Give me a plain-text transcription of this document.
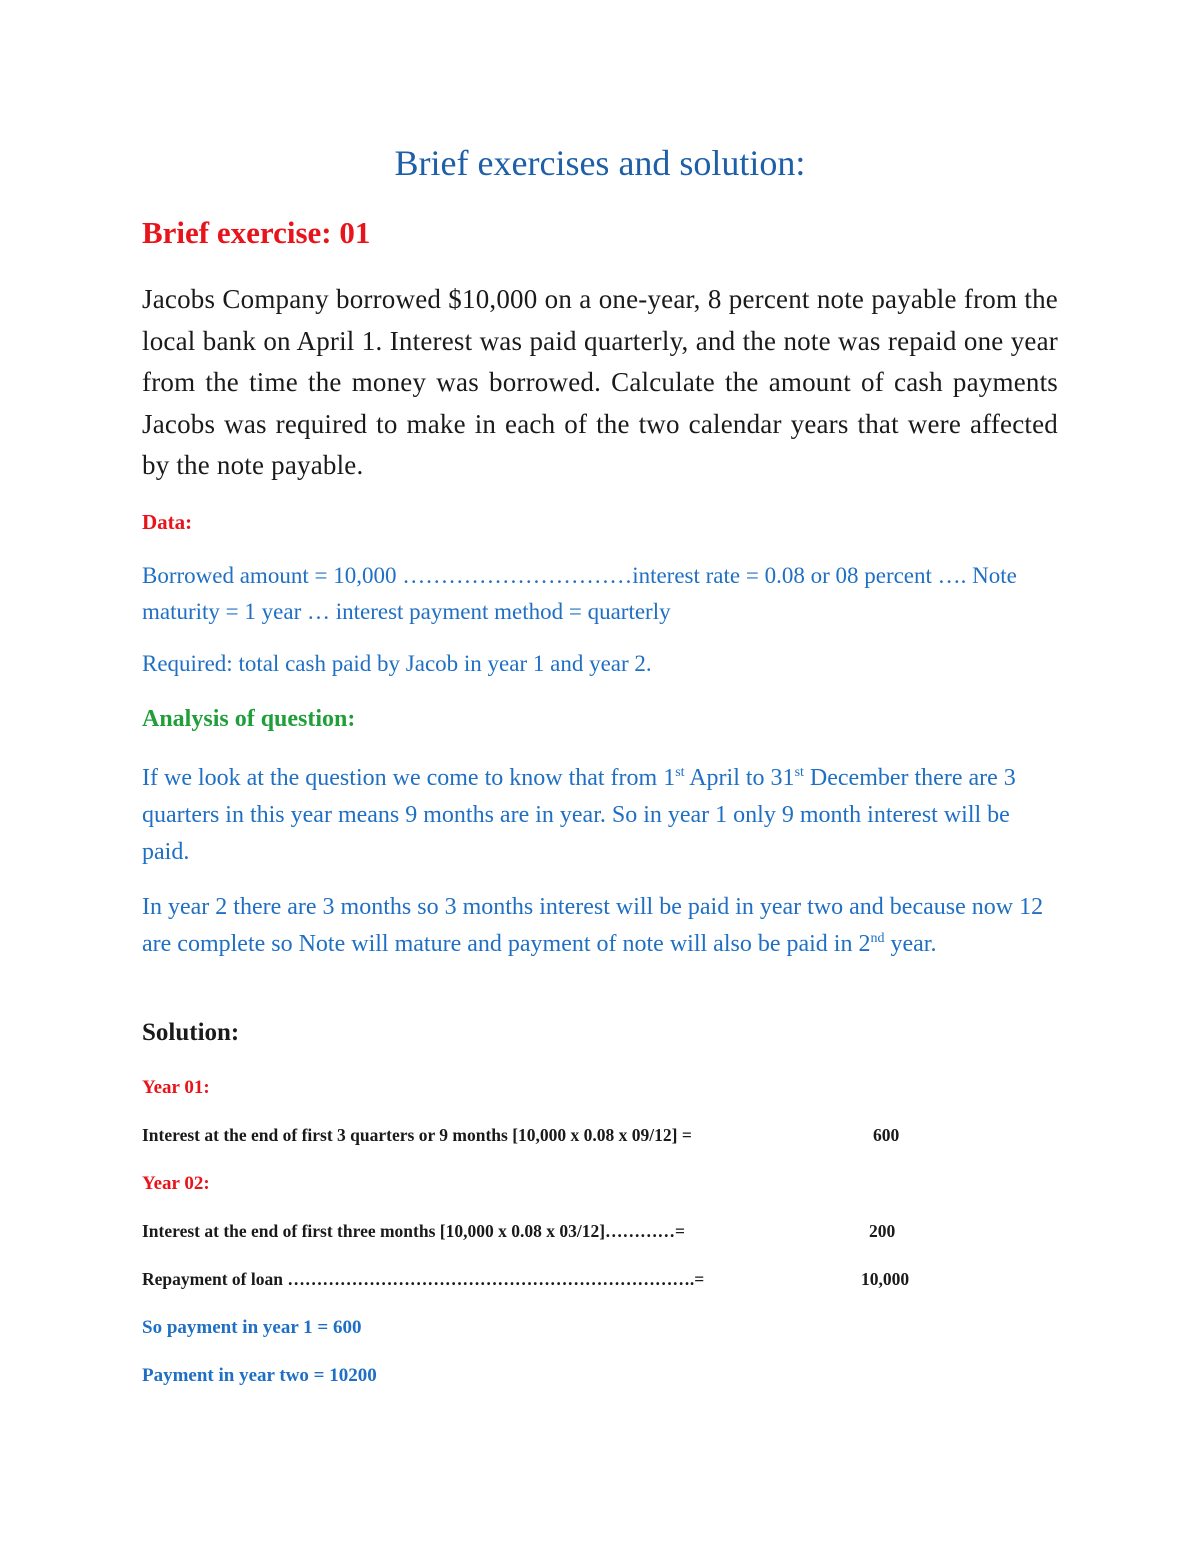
Brief exercises and solution:
Brief exercise: 01

Jacobs Company borrowed $10,000 on a one-year, 8 percent note payable from the local bank on April 1. Interest was paid quarterly, and the note was repaid one year from the time the money was borrowed. Calculate the amount of cash payments Jacobs was required to make in each of the two calendar years that were affected by the note payable.

Data:

Borrowed amount = 10,000 …………………………interest rate = 0.08 or 08 percent …. Note maturity = 1 year … interest payment method = quarterly

Required: total cash paid by Jacob in year 1 and year 2.

Analysis of question:

If we look at the question we come to know that from 1st April to 31st December there are 3 quarters in this year means 9 months are in year. So in year 1 only 9 month interest will be paid.

In year 2 there are 3 months so 3 months interest will be paid in year two and because now 12 are complete so Note will mature and payment of note will also be paid in 2nd year.

Solution:

Year 01:

Interest at the end of first 3 quarters or 9 months [10,000 x 0.08 x 09/12] =	600

Year 02:

Interest at the end of first three months [10,000 x 0.08 x 03/12]…………=	200

Repayment of loan …………………………………………………………….=	10,000

So payment in year 1 = 600

Payment in year two = 10200
